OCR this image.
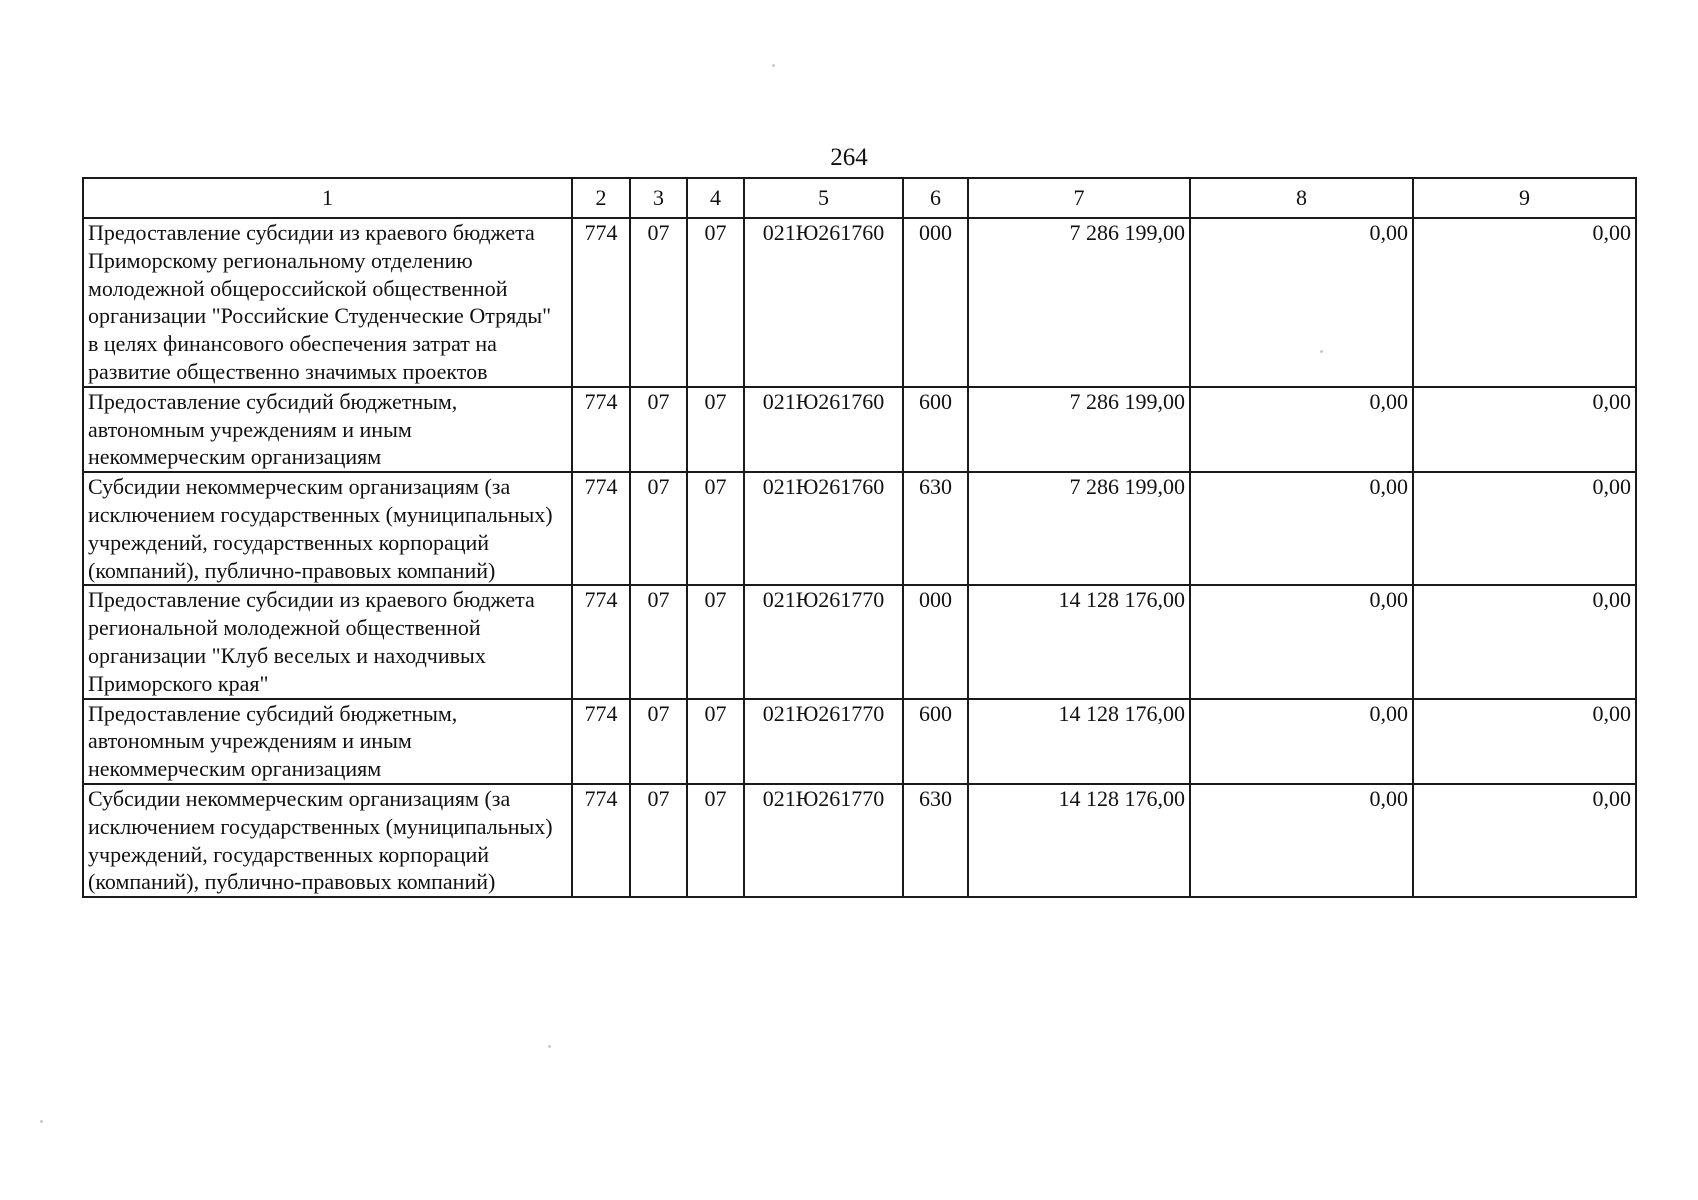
264
1	2	3	4	5	6	7	8	9
Предоставление субсидии из краевого бюджета Приморскому региональному отделению молодежной общероссийской общественной организации "Российские Студенческие Отряды" в целях финансового обеспечения затрат на развитие общественно значимых проектов	774	07	07	021Ю261760	000	7 286 199,00	0,00	0,00
Предоставление субсидий бюджетным, автономным учреждениям и иным некоммерческим организациям	774	07	07	021Ю261760	600	7 286 199,00	0,00	0,00
Субсидии некоммерческим организациям (за исключением государственных (муниципальных) учреждений, государственных корпораций (компаний), публично-правовых компаний)	774	07	07	021Ю261760	630	7 286 199,00	0,00	0,00
Предоставление субсидии из краевого бюджета региональной молодежной общественной организации "Клуб веселых и находчивых Приморского края"	774	07	07	021Ю261770	000	14 128 176,00	0,00	0,00
Предоставление субсидий бюджетным, автономным учреждениям и иным некоммерческим организациям	774	07	07	021Ю261770	600	14 128 176,00	0,00	0,00
Субсидии некоммерческим организациям (за исключением государственных (муниципальных) учреждений, государственных корпораций (компаний), публично-правовых компаний)	774	07	07	021Ю261770	630	14 128 176,00	0,00	0,00
